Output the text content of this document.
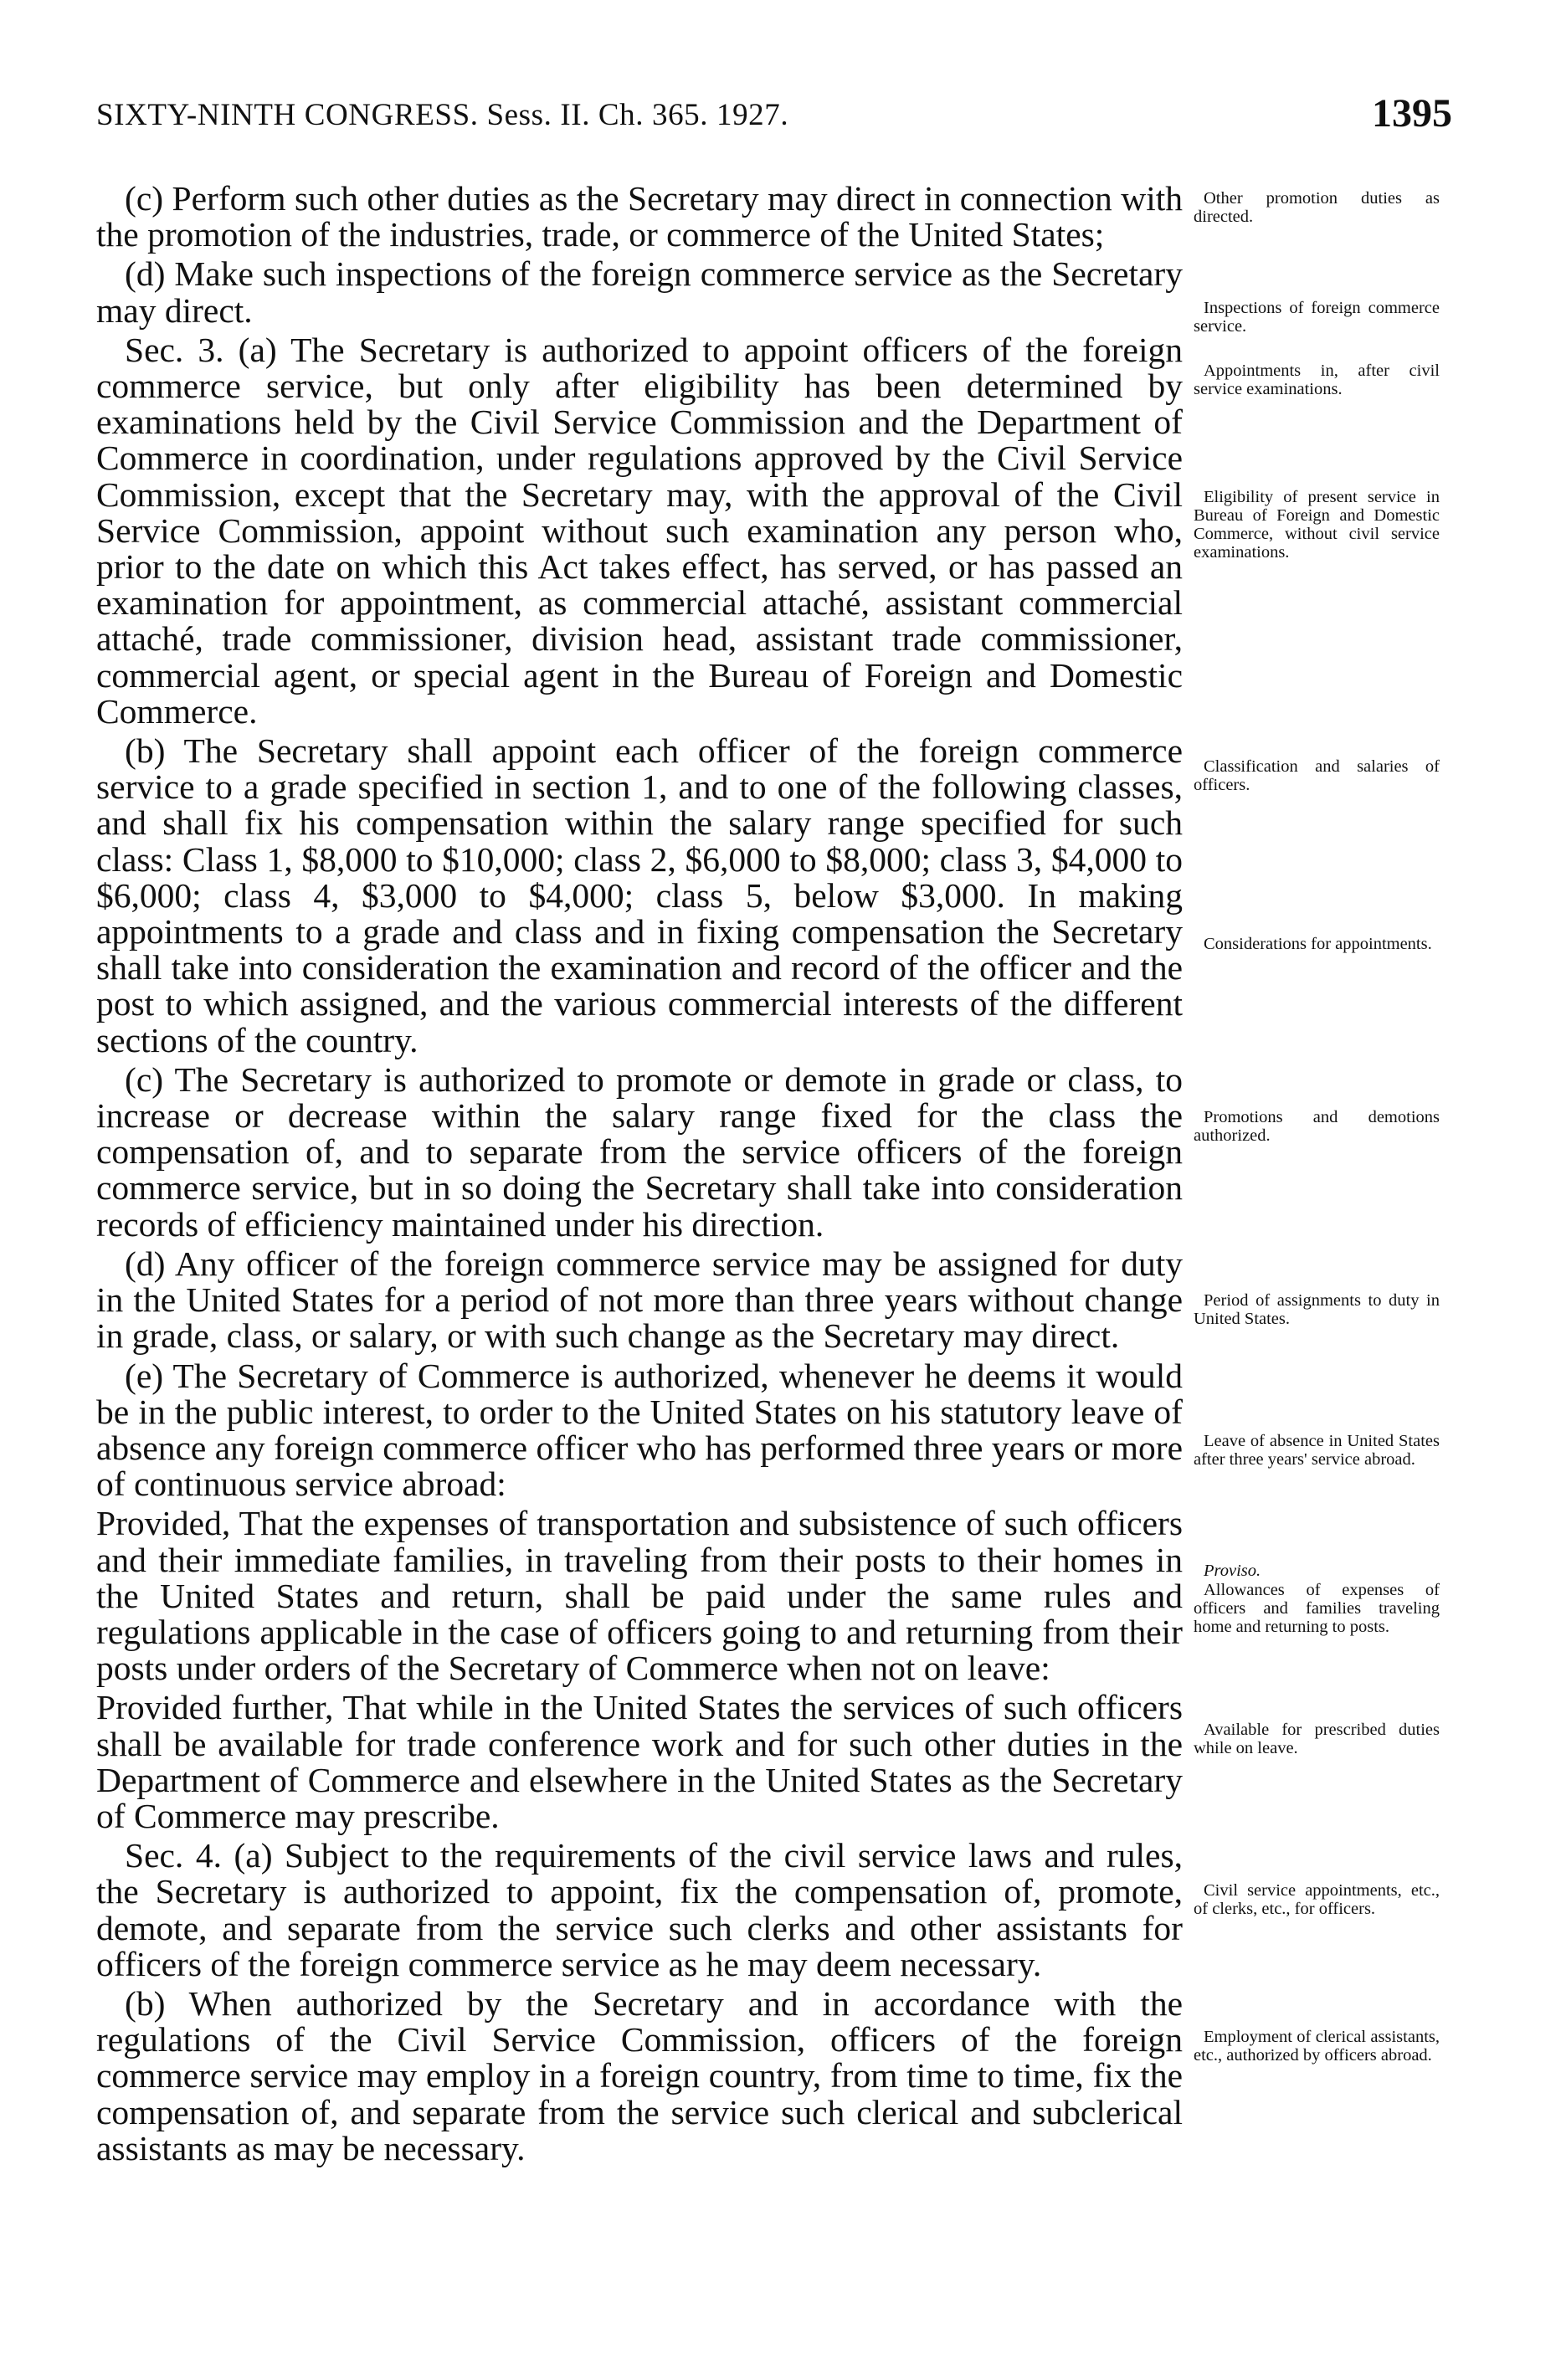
SIXTY-NINTH CONGRESS. Sess. II. Ch. 365. 1927.	1395

(c) Perform such other duties as the Secretary may direct in connection with the promotion of the industries, trade, or commerce of the United States;

(d) Make such inspections of the foreign commerce service as the Secretary may direct.

Sec. 3. (a) The Secretary is authorized to appoint officers of the foreign commerce service, but only after eligibility has been determined by examinations held by the Civil Service Commission and the Department of Commerce in coordination, under regulations approved by the Civil Service Commission, except that the Secretary may, with the approval of the Civil Service Commission, appoint without such examination any person who, prior to the date on which this Act takes effect, has served, or has passed an examination for appointment, as commercial attaché, assistant commercial attaché, trade commissioner, division head, assistant trade commissioner, commercial agent, or special agent in the Bureau of Foreign and Domestic Commerce.

(b) The Secretary shall appoint each officer of the foreign commerce service to a grade specified in section 1, and to one of the following classes, and shall fix his compensation within the salary range specified for such class: Class 1, $8,000 to $10,000; class 2, $6,000 to $8,000; class 3, $4,000 to $6,000; class 4, $3,000 to $4,000; class 5, below $3,000. In making appointments to a grade and class and in fixing compensation the Secretary shall take into consideration the examination and record of the officer and the post to which assigned, and the various commercial interests of the different sections of the country.

(c) The Secretary is authorized to promote or demote in grade or class, to increase or decrease within the salary range fixed for the class the compensation of, and to separate from the service officers of the foreign commerce service, but in so doing the Secretary shall take into consideration records of efficiency maintained under his direction.

(d) Any officer of the foreign commerce service may be assigned for duty in the United States for a period of not more than three years without change in grade, class, or salary, or with such change as the Secretary may direct.

(e) The Secretary of Commerce is authorized, whenever he deems it would be in the public interest, to order to the United States on his statutory leave of absence any foreign commerce officer who has performed three years or more of continuous service abroad:

Provided, That the expenses of transportation and subsistence of such officers and their immediate families, in traveling from their posts to their homes in the United States and return, shall be paid under the same rules and regulations applicable in the case of officers going to and returning from their posts under orders of the Secretary of Commerce when not on leave:

Provided further, That while in the United States the services of such officers shall be available for trade conference work and for such other duties in the Department of Commerce and elsewhere in the United States as the Secretary of Commerce may prescribe.

Sec. 4. (a) Subject to the requirements of the civil service laws and rules, the Secretary is authorized to appoint, fix the compensation of, promote, demote, and separate from the service such clerks and other assistants for officers of the foreign commerce service as he may deem necessary.

(b) When authorized by the Secretary and in accordance with the regulations of the Civil Service Commission, officers of the foreign commerce service may employ in a foreign country, from time to time, fix the compensation of, and separate from the service such clerical and subclerical assistants as may be necessary.

Other promotion duties as directed.
Inspections of foreign commerce service.
Appointments in, after civil service examinations.
Eligibility of present service in Bureau of Foreign and Domestic Commerce, without civil service examinations.
Classification and salaries of officers.
Considerations for appointments.
Promotions and demotions authorized.
Period of assignments to duty in United States.
Leave of absence in United States after three years' service abroad.
Proviso.
Allowances of expenses of officers and families traveling home and returning to posts.
Available for prescribed duties while on leave.
Civil service appointments, etc., of clerks, etc., for officers.
Employment of clerical assistants, etc., authorized by officers abroad.
